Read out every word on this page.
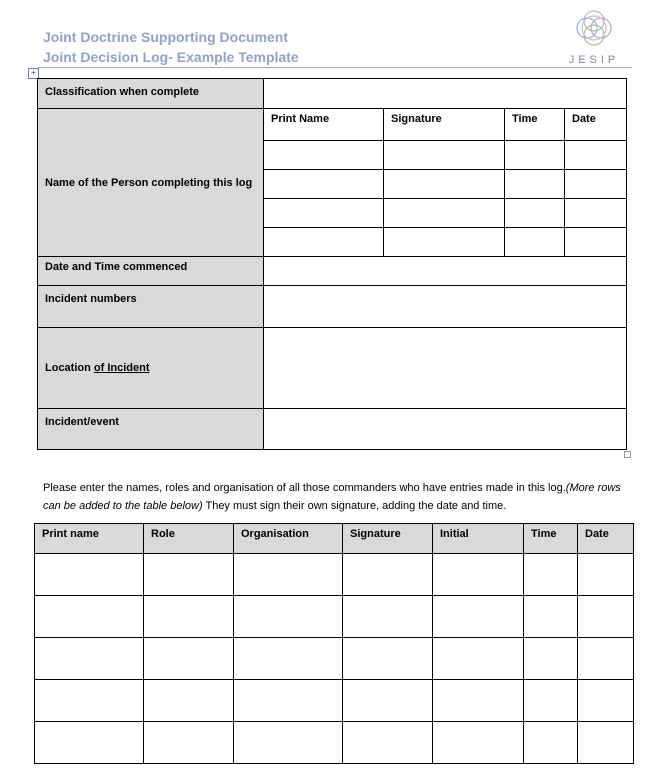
Joint Doctrine Supporting Document
Joint Decision Log- Example Template	JESIP
+
Classification when complete				
Name of the Person completing this log	Print Name	Signature	Time	Date

Date and Time commenced				
Incident numbers				
Location of Incident				
Incident/event				
Please enter the names, roles and organisation of all those commanders who have entries made in this log.(More rows can be added to the table below) They must sign their own signature, adding the date and time.
Print name	Role	Organisation	Signature	Initial	Time	Date
